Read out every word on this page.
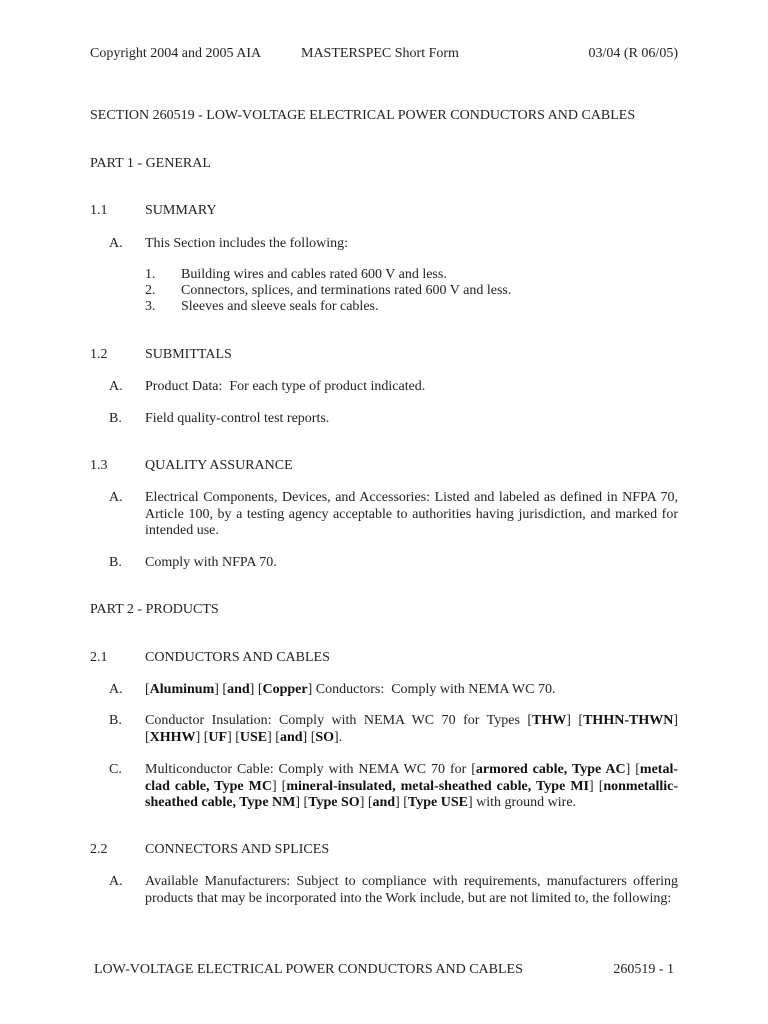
Copyright 2004 and 2005 AIA	MASTERSPEC Short Form	03/04 (R 06/05)
SECTION 260519 - LOW-VOLTAGE ELECTRICAL POWER CONDUCTORS AND CABLES
PART 1 - GENERAL
1.1	SUMMARY
A. This Section includes the following:
1. Building wires and cables rated 600 V and less.
2. Connectors, splices, and terminations rated 600 V and less.
3. Sleeves and sleeve seals for cables.
1.2	SUBMITTALS
A. Product Data:  For each type of product indicated.
B. Field quality-control test reports.
1.3	QUALITY ASSURANCE
A. Electrical Components, Devices, and Accessories: Listed and labeled as defined in NFPA 70, Article 100, by a testing agency acceptable to authorities having jurisdiction, and marked for intended use.
B. Comply with NFPA 70.
PART 2 - PRODUCTS
2.1	CONDUCTORS AND CABLES
A. [Aluminum] [and] [Copper] Conductors:  Comply with NEMA WC 70.
B. Conductor Insulation: Comply with NEMA WC 70 for Types [THW] [THHN-THWN] [XHHW] [UF] [USE] [and] [SO].
C. Multiconductor Cable: Comply with NEMA WC 70 for [armored cable, Type AC] [metal-clad cable, Type MC] [mineral-insulated, metal-sheathed cable, Type MI] [nonmetallic-sheathed cable, Type NM] [Type SO] [and] [Type USE] with ground wire.
2.2	CONNECTORS AND SPLICES
A. Available Manufacturers: Subject to compliance with requirements, manufacturers offering products that may be incorporated into the Work include, but are not limited to, the following:
LOW-VOLTAGE ELECTRICAL POWER CONDUCTORS AND CABLES	260519 - 1
